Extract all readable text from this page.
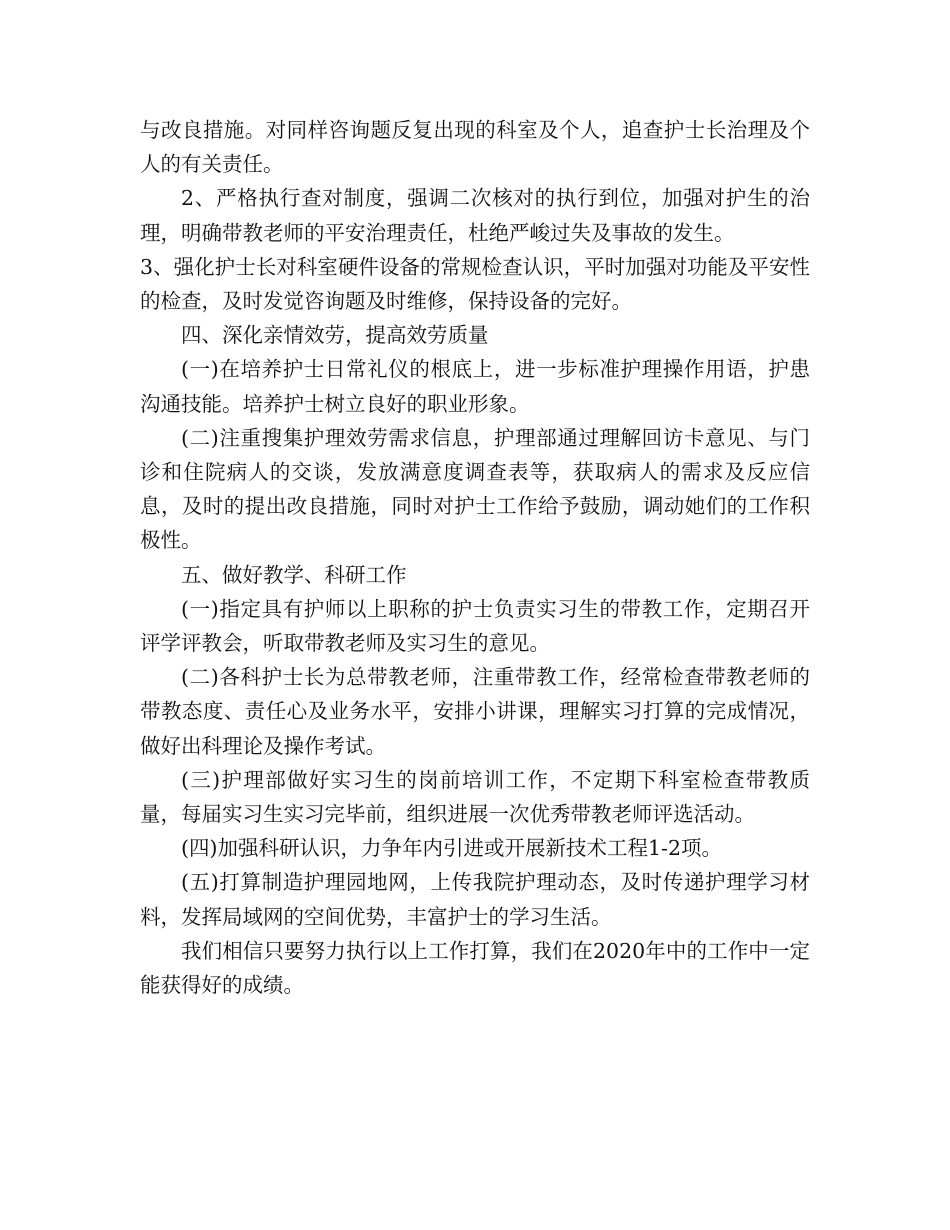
与改良措施。对同样咨询题反复出现的科室及个人，追查护士长治理及个人的有关责任。

2、严格执行查对制度，强调二次核对的执行到位，加强对护生的治理，明确带教老师的平安治理责任，杜绝严峻过失及事故的发生。

3、强化护士长对科室硬件设备的常规检查认识，平时加强对功能及平安性的检查，及时发觉咨询题及时维修，保持设备的完好。

四、深化亲情效劳，提高效劳质量

(一)在培养护士日常礼仪的根底上，进一步标准护理操作用语，护患沟通技能。培养护士树立良好的职业形象。

(二)注重搜集护理效劳需求信息，护理部通过理解回访卡意见、与门诊和住院病人的交谈，发放满意度调查表等，获取病人的需求及反应信息，及时的提出改良措施，同时对护士工作给予鼓励，调动她们的工作积极性。

五、做好教学、科研工作

(一)指定具有护师以上职称的护士负责实习生的带教工作，定期召开评学评教会，听取带教老师及实习生的意见。

(二)各科护士长为总带教老师，注重带教工作，经常检查带教老师的带教态度、责任心及业务水平，安排小讲课，理解实习打算的完成情况，做好出科理论及操作考试。

(三)护理部做好实习生的岗前培训工作，不定期下科室检查带教质量，每届实习生实习完毕前，组织进展一次优秀带教老师评选活动。

(四)加强科研认识，力争年内引进或开展新技术工程1-2项。

(五)打算制造护理园地网，上传我院护理动态，及时传递护理学习材料，发挥局域网的空间优势，丰富护士的学习生活。

我们相信只要努力执行以上工作打算，我们在2020年中的工作中一定能获得好的成绩。
